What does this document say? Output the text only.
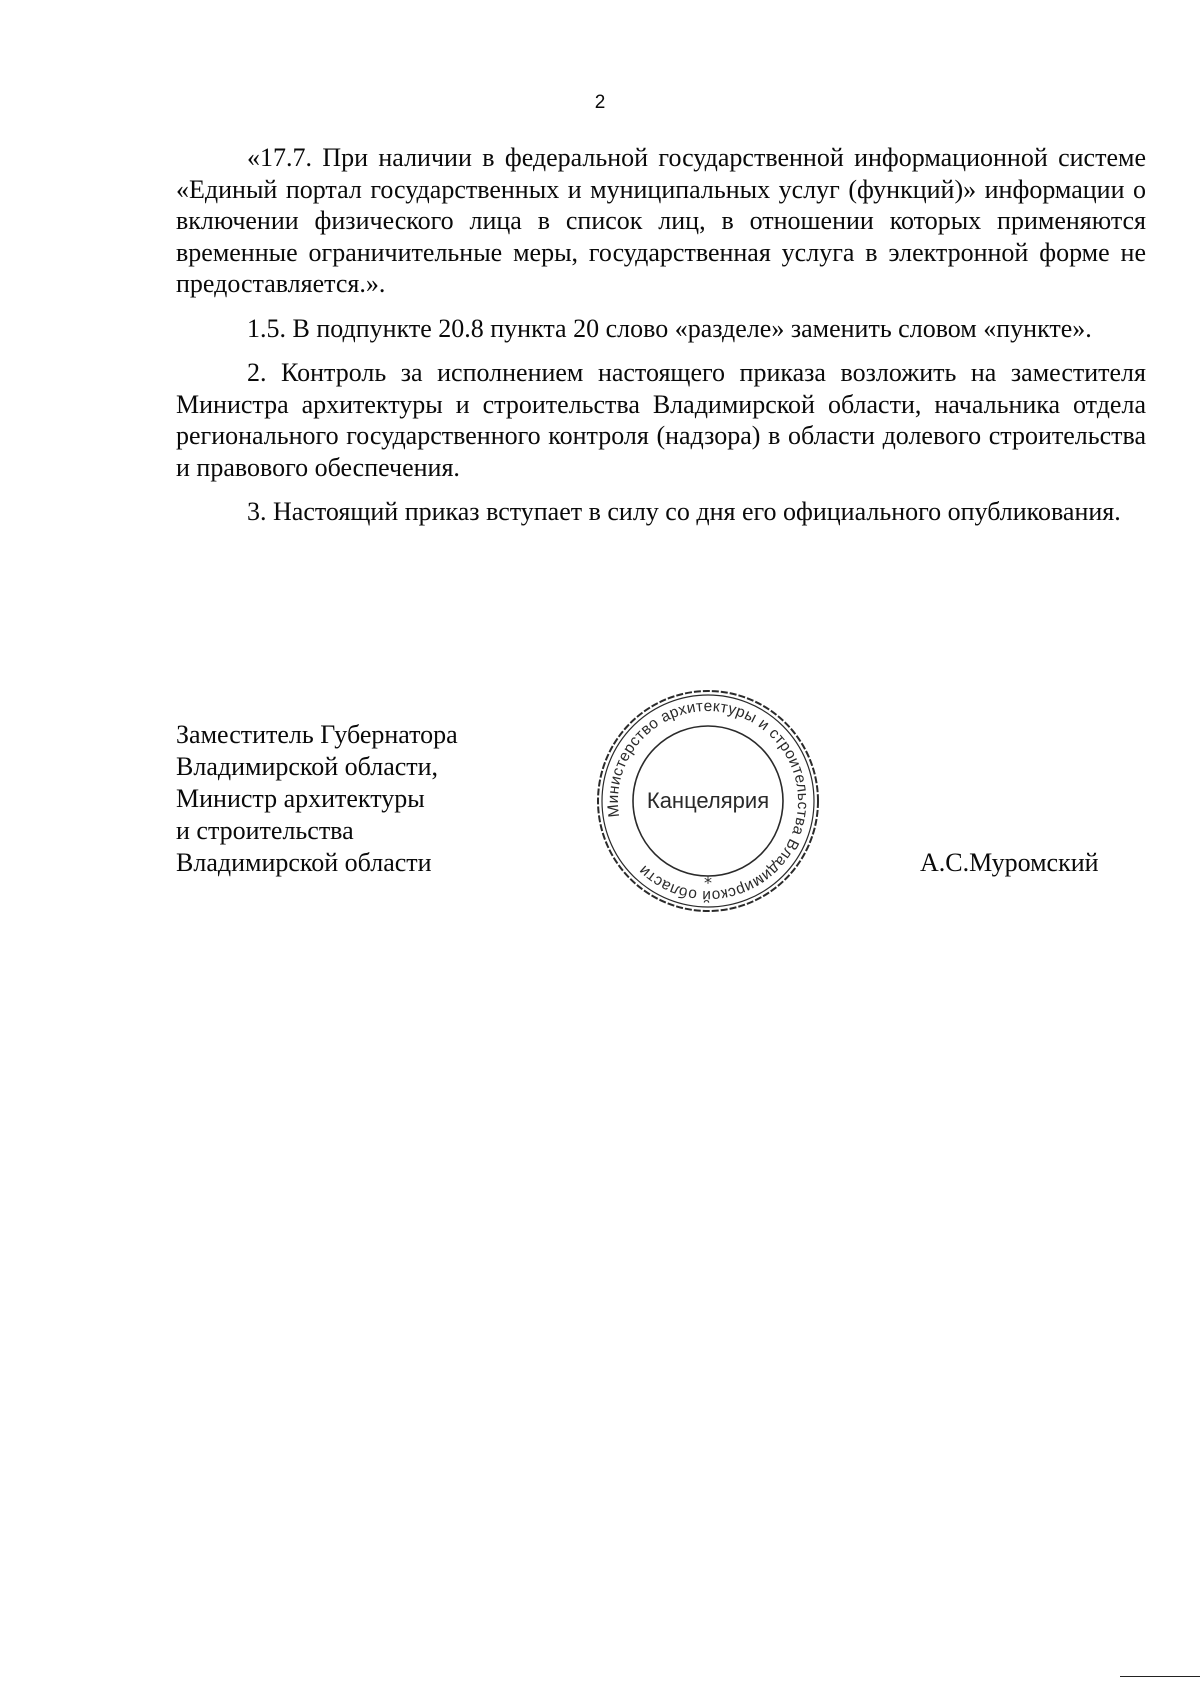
2

«17.7. При наличии в федеральной государственной информационной системе «Единый портал государственных и муниципальных услуг (функций)» информации о включении физического лица в список лиц, в отношении которых применяются временные ограничительные меры, государственная услуга в электронной форме не предоставляется.».

1.5. В подпункте 20.8 пункта 20 слово «разделе» заменить словом «пункте».

2. Контроль за исполнением настоящего приказа возложить на заместителя Министра архитектуры и строительства Владимирской области, начальника отдела регионального государственного контроля (надзора) в области долевого строительства и правового обеспечения.

3. Настоящий приказ вступает в силу со дня его официального опубликования.

Заместитель Губернатора
Владимирской области,
Министр архитектуры
и строительства
Владимирской области
Министерство архитектуры и строительства Владимирской области
*
Канцелярия
А.С.Муромский
